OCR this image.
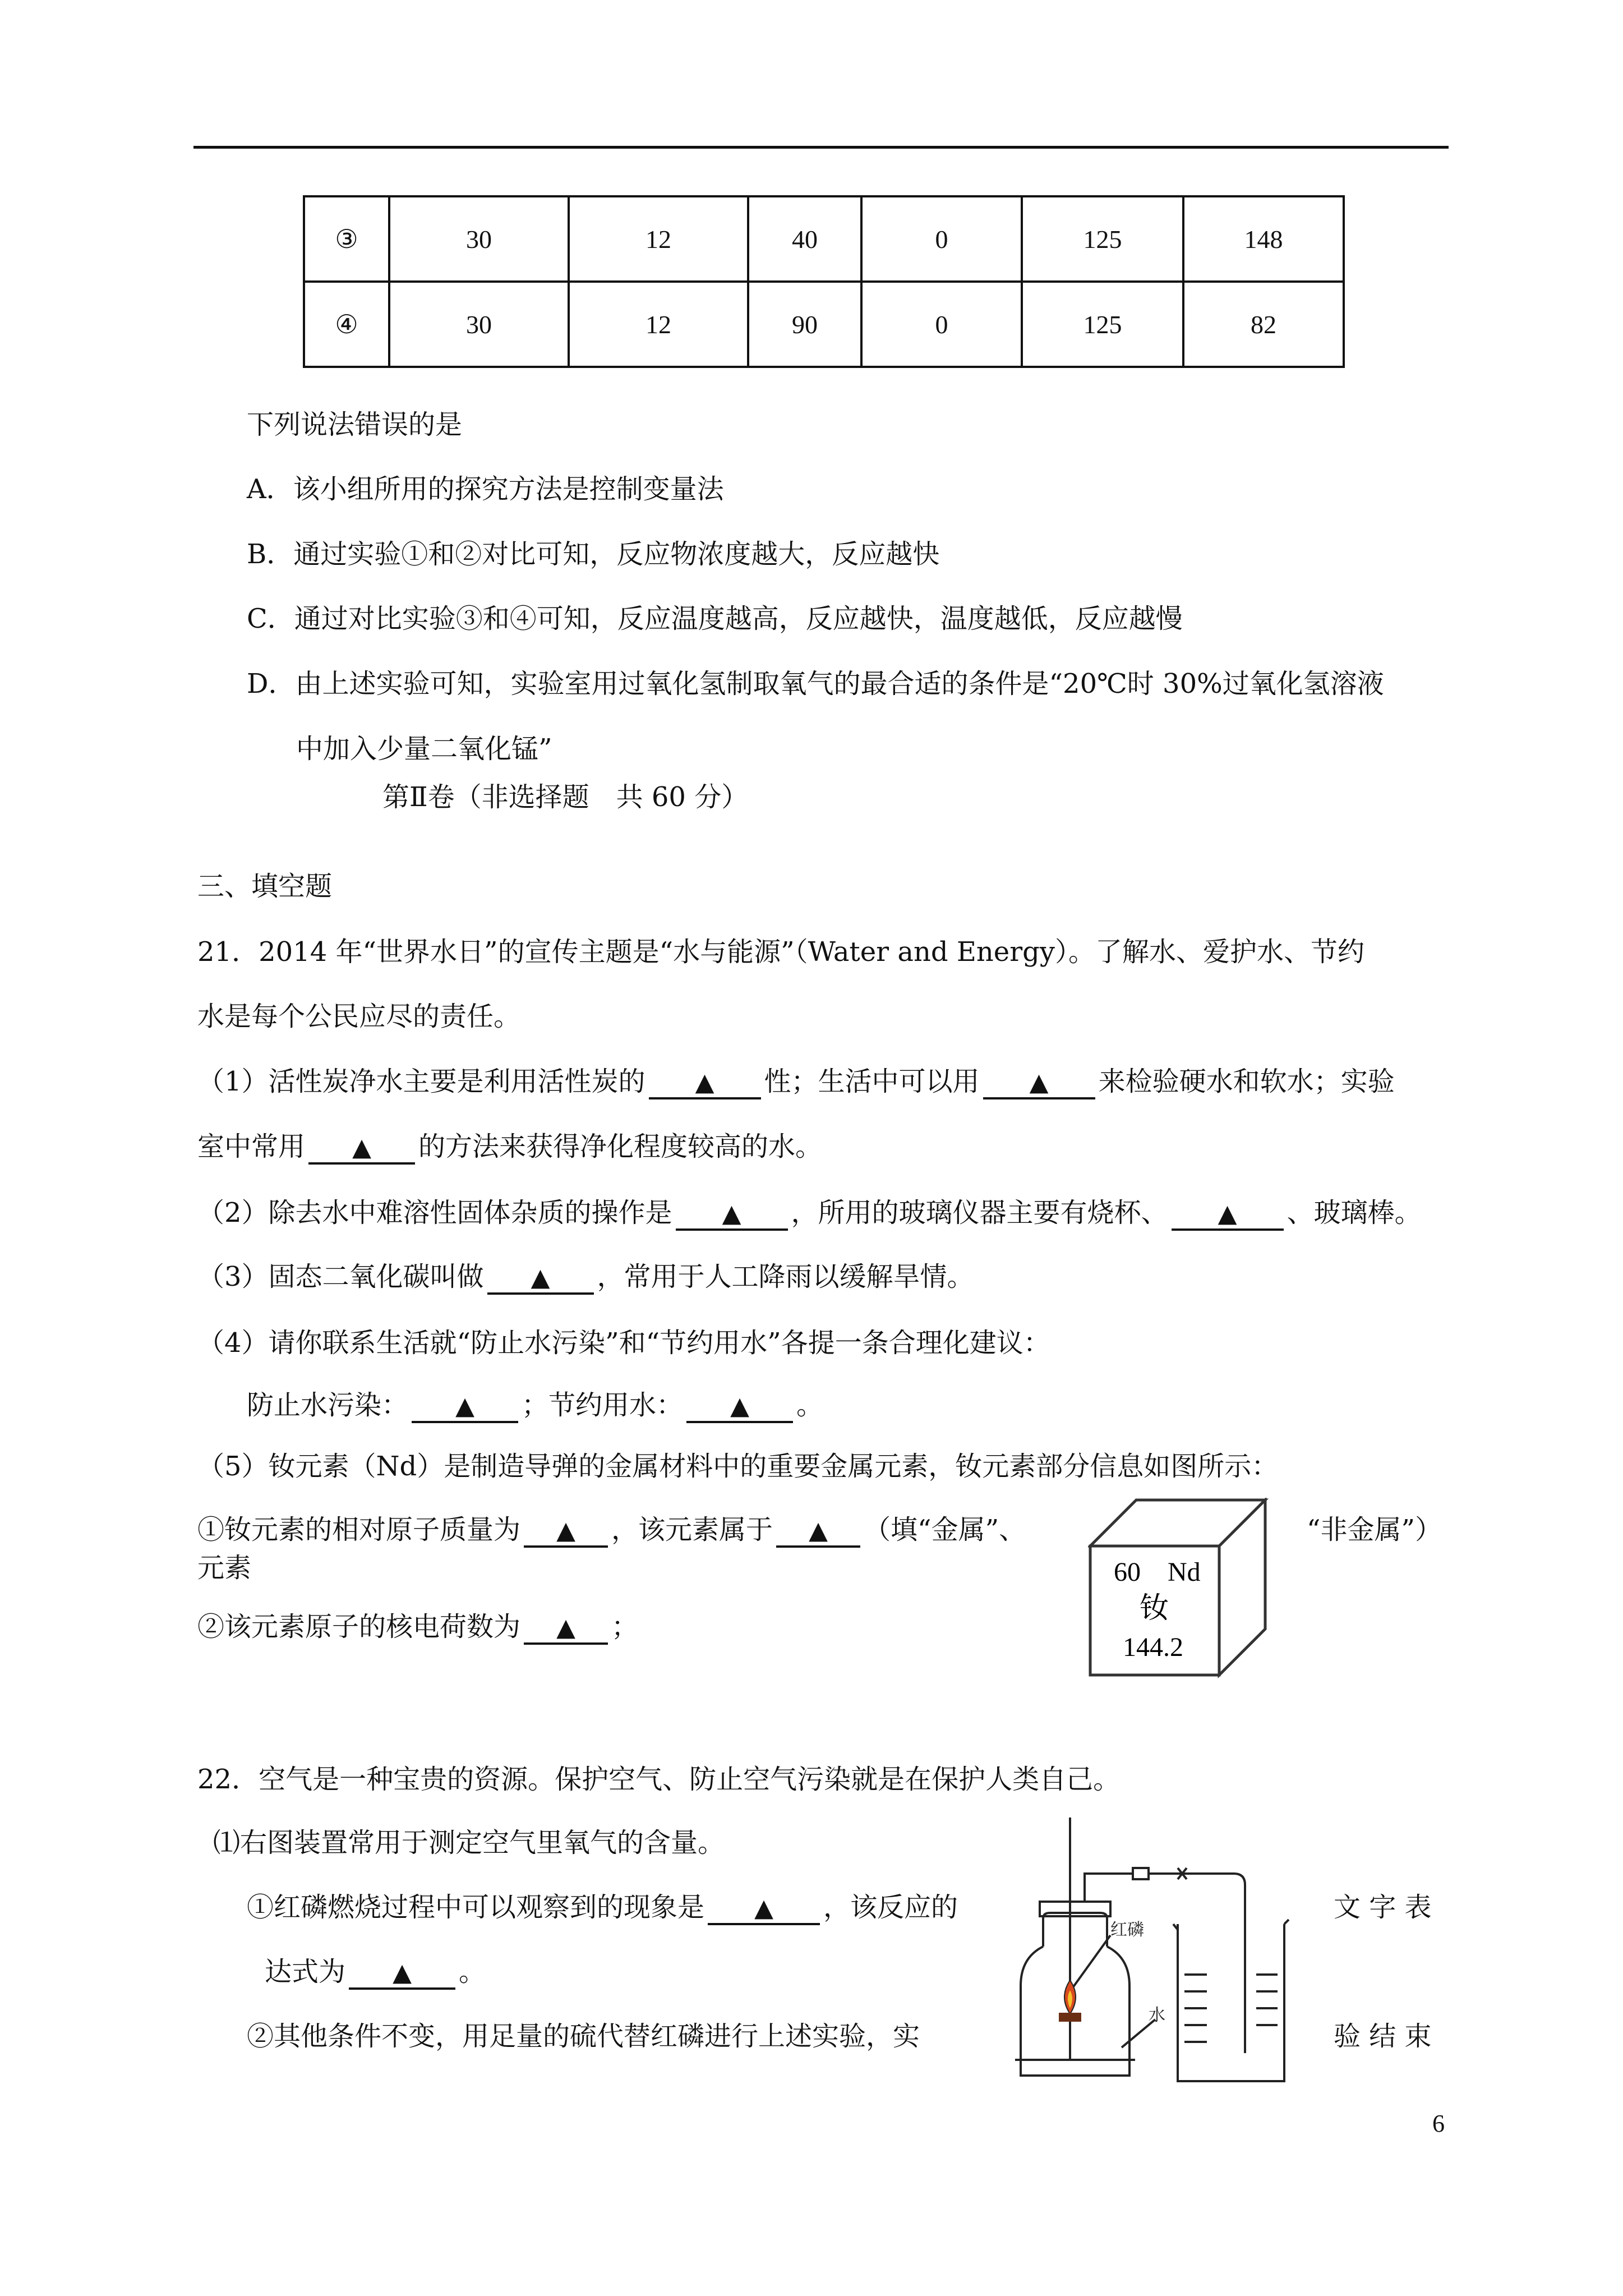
③	30	12	40	0	125	148
④	30	12	90	0	125	82
下列说法错误的是
A．该小组所用的探究方法是控制变量法
B．通过实验①和②对比可知，反应物浓度越大，反应越快
C．通过对比实验③和④可知，反应温度越高，反应越快，温度越低，反应越慢
D．由上述实验可知，实验室用过氧化氢制取氧气的最合适的条件是“20℃时 30%过氧化氢溶液
中加入少量二氧化锰”
第Ⅱ卷（非选择题　共 60 分）
三、填空题
21．2014 年“世界水日”的宣传主题是“水与能源”（Water and Energy）。了解水、爱护水、节约
水是每个公民应尽的责任。
（1）活性炭净水主要是利用活性炭的 ▲ 性；生活中可以用 ▲ 来检验硬水和软水；实验
室中常用 ▲ 的方法来获得净化程度较高的水。
（2）除去水中难溶性固体杂质的操作是 ▲ ，所用的玻璃仪器主要有烧杯、 ▲ 、玻璃棒。
（3）固态二氧化碳叫做 ▲ ，常用于人工降雨以缓解旱情。
（4）请你联系生活就“防止水污染”和“节约用水”各提一条合理化建议：
防止水污染： ▲ ；节约用水： ▲ 。
（5）钕元素（Nd）是制造导弹的金属材料中的重要金属元素，钕元素部分信息如图所示：
①钕元素的相对原子质量为 ▲ ，该元素属于 ▲ （填“金属”、	“非金属”）
元素
②该元素原子的核电荷数为 ▲ ；
60 Nd
钕
144.2
22．空气是一种宝贵的资源。保护空气、防止空气污染就是在保护人类自己。
⑴右图装置常用于测定空气里氧气的含量。
①红磷燃烧过程中可以观察到的现象是 ▲ ，该反应的	文 字 表
达式为 ▲ 。
②其他条件不变，用足量的硫代替红磷进行上述实验，实	验 结 束
红磷
水
6
